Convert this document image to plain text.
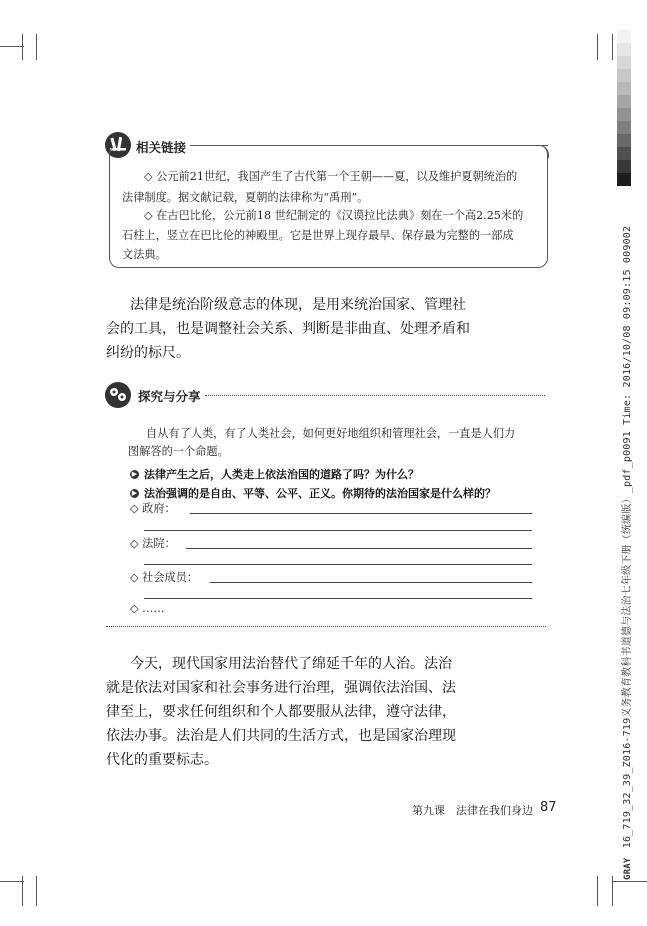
GRAY 16_719_32_39_Z016-719义务教育教科书道德与法治七年级下册（统编版）_pdf_p0091 Time: 2016/10/08 09:09:15 009002
相关链接
◇ 公元前21世纪，我国产生了古代第一个王朝——夏，以及维护夏朝统治的
法律制度。据文献记载，夏朝的法律称为“禹刑”。
◇ 在古巴比伦，公元前18 世纪制定的《汉谟拉比法典》刻在一个高2.25米的
石柱上，竖立在巴比伦的神殿里。它是世界上现存最早、保存最为完整的一部成
文法典。
法律是统治阶级意志的体现，是用来统治国家、管理社
会的工具，也是调整社会关系、判断是非曲直、处理矛盾和
纠纷的标尺。
探究与分享
自从有了人类，有了人类社会，如何更好地组织和管理社会，一直是人们力
图解答的一个命题。
▶ 法律产生之后，人类走上依法治国的道路了吗？为什么？
▶ 法治强调的是自由、平等、公平、正义。你期待的法治国家是什么样的？
◇ 政府：
◇ 法院：
◇ 社会成员：
◇ ……
今天，现代国家用法治替代了绵延千年的人治。法治
就是依法对国家和社会事务进行治理，强调依法治国、法
律至上，要求任何组织和个人都要服从法律，遵守法律，
依法办事。法治是人们共同的生活方式，也是国家治理现
代化的重要标志。
第九课　法律在我们身边 87
